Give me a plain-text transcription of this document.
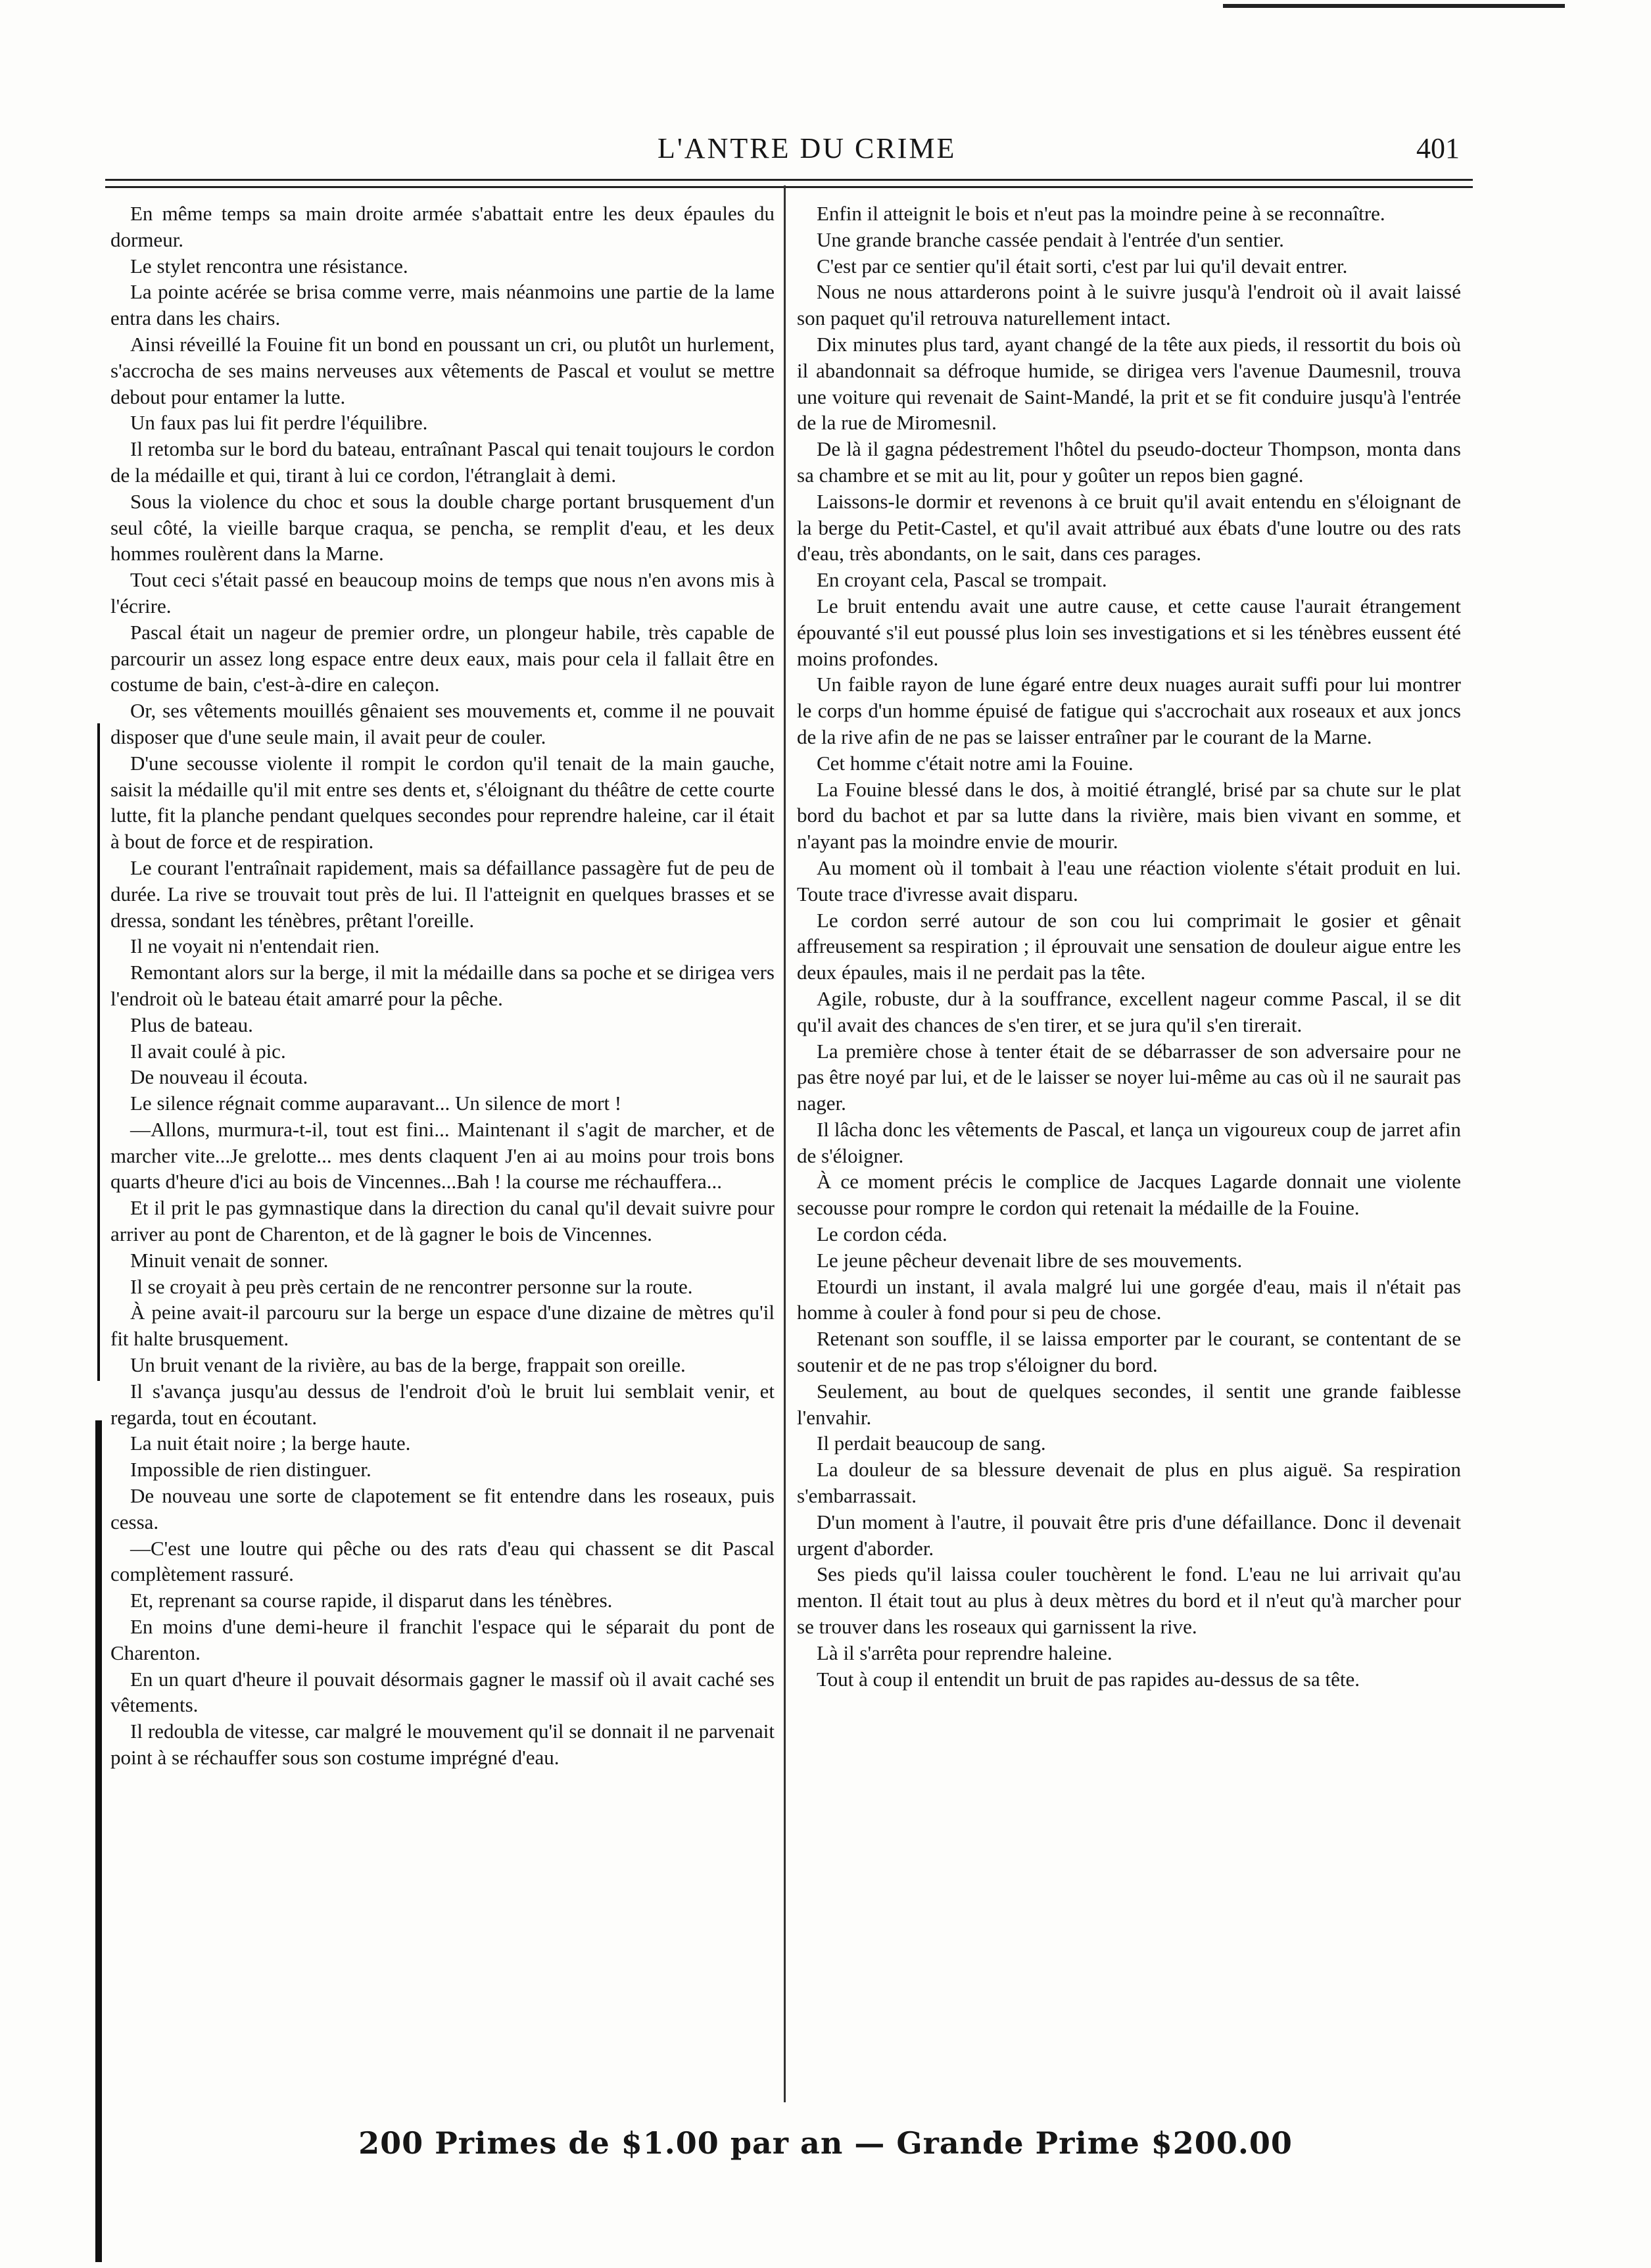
L'ANTRE DU CRIME	401

En même temps sa main droite armée s'abattait entre les deux épaules du dormeur.

Le stylet rencontra une résistance.

La pointe acérée se brisa comme verre, mais néanmoins une partie de la lame entra dans les chairs.

Ainsi réveillé la Fouine fit un bond en poussant un cri, ou plutôt un hurlement, s'accrocha de ses mains nerveuses aux vêtements de Pascal et voulut se mettre debout pour entamer la lutte.

Un faux pas lui fit perdre l'équilibre.

Il retomba sur le bord du bateau, entraînant Pascal qui tenait toujours le cordon de la médaille et qui, tirant à lui ce cordon, l'étranglait à demi.

Sous la violence du choc et sous la double charge portant brusquement d'un seul côté, la vieille barque craqua, se pencha, se remplit d'eau, et les deux hommes roulèrent dans la Marne.

Tout ceci s'était passé en beaucoup moins de temps que nous n'en avons mis à l'écrire.

Pascal était un nageur de premier ordre, un plongeur habile, très capable de parcourir un assez long espace entre deux eaux, mais pour cela il fallait être en costume de bain, c'est-à-dire en caleçon.

Or, ses vêtements mouillés gênaient ses mouvements et, comme il ne pouvait disposer que d'une seule main, il avait peur de couler.

D'une secousse violente il rompit le cordon qu'il tenait de la main gauche, saisit la médaille qu'il mit entre ses dents et, s'éloignant du théâtre de cette courte lutte, fit la planche pendant quelques secondes pour reprendre haleine, car il était à bout de force et de respiration.

Le courant l'entraînait rapidement, mais sa défaillance passagère fut de peu de durée. La rive se trouvait tout près de lui. Il l'atteignit en quelques brasses et se dressa, sondant les ténèbres, prêtant l'oreille.

Il ne voyait ni n'entendait rien.

Remontant alors sur la berge, il mit la médaille dans sa poche et se dirigea vers l'endroit où le bateau était amarré pour la pêche.

Plus de bateau.

Il avait coulé à pic.

De nouveau il écouta.

Le silence régnait comme auparavant... Un silence de mort !

—Allons, murmura-t-il, tout est fini... Maintenant il s'agit de marcher, et de marcher vite...Je grelotte... mes dents claquent J'en ai au moins pour trois bons quarts d'heure d'ici au bois de Vincennes...Bah ! la course me réchauffera...

Et il prit le pas gymnastique dans la direction du canal qu'il devait suivre pour arriver au pont de Charenton, et de là gagner le bois de Vincennes.

Minuit venait de sonner.

Il se croyait à peu près certain de ne rencontrer personne sur la route.

À peine avait-il parcouru sur la berge un espace d'une dizaine de mètres qu'il fit halte brusquement.

Un bruit venant de la rivière, au bas de la berge, frappait son oreille.

Il s'avança jusqu'au dessus de l'endroit d'où le bruit lui semblait venir, et regarda, tout en écoutant.

La nuit était noire ; la berge haute.

Impossible de rien distinguer.

De nouveau une sorte de clapotement se fit entendre dans les roseaux, puis cessa.

—C'est une loutre qui pêche ou des rats d'eau qui chassent se dit Pascal complètement rassuré.

Et, reprenant sa course rapide, il disparut dans les ténèbres.

En moins d'une demi-heure il franchit l'espace qui le séparait du pont de Charenton.

En un quart d'heure il pouvait désormais gagner le massif où il avait caché ses vêtements.

Il redoubla de vitesse, car malgré le mouvement qu'il se donnait il ne parvenait point à se réchauffer sous son costume imprégné d'eau.

Enfin il atteignit le bois et n'eut pas la moindre peine à se reconnaître.

Une grande branche cassée pendait à l'entrée d'un sentier.

C'est par ce sentier qu'il était sorti, c'est par lui qu'il devait entrer.

Nous ne nous attarderons point à le suivre jusqu'à l'endroit où il avait laissé son paquet qu'il retrouva naturellement intact.

Dix minutes plus tard, ayant changé de la tête aux pieds, il ressortit du bois où il abandonnait sa défroque humide, se dirigea vers l'avenue Daumesnil, trouva une voiture qui revenait de Saint-Mandé, la prit et se fit conduire jusqu'à l'entrée de la rue de Miromesnil.

De là il gagna pédestrement l'hôtel du pseudo-docteur Thompson, monta dans sa chambre et se mit au lit, pour y goûter un repos bien gagné.

Laissons-le dormir et revenons à ce bruit qu'il avait entendu en s'éloignant de la berge du Petit-Castel, et qu'il avait attribué aux ébats d'une loutre ou des rats d'eau, très abondants, on le sait, dans ces parages.

En croyant cela, Pascal se trompait.

Le bruit entendu avait une autre cause, et cette cause l'aurait étrangement épouvanté s'il eut poussé plus loin ses investigations et si les ténèbres eussent été moins profondes.

Un faible rayon de lune égaré entre deux nuages aurait suffi pour lui montrer le corps d'un homme épuisé de fatigue qui s'accrochait aux roseaux et aux joncs de la rive afin de ne pas se laisser entraîner par le courant de la Marne.

Cet homme c'était notre ami la Fouine.

La Fouine blessé dans le dos, à moitié étranglé, brisé par sa chute sur le plat bord du bachot et par sa lutte dans la rivière, mais bien vivant en somme, et n'ayant pas la moindre envie de mourir.

Au moment où il tombait à l'eau une réaction violente s'était produit en lui. Toute trace d'ivresse avait disparu.

Le cordon serré autour de son cou lui comprimait le gosier et gênait affreusement sa respiration ; il éprouvait une sensation de douleur aigue entre les deux épaules, mais il ne perdait pas la tête.

Agile, robuste, dur à la souffrance, excellent nageur comme Pascal, il se dit qu'il avait des chances de s'en tirer, et se jura qu'il s'en tirerait.

La première chose à tenter était de se débarrasser de son adversaire pour ne pas être noyé par lui, et de le laisser se noyer lui-même au cas où il ne saurait pas nager.

Il lâcha donc les vêtements de Pascal, et lança un vigoureux coup de jarret afin de s'éloigner.

À ce moment précis le complice de Jacques Lagarde donnait une violente secousse pour rompre le cordon qui retenait la médaille de la Fouine.

Le cordon céda.

Le jeune pêcheur devenait libre de ses mouvements.

Etourdi un instant, il avala malgré lui une gorgée d'eau, mais il n'était pas homme à couler à fond pour si peu de chose.

Retenant son souffle, il se laissa emporter par le courant, se contentant de se soutenir et de ne pas trop s'éloigner du bord.

Seulement, au bout de quelques secondes, il sentit une grande faiblesse l'envahir.

Il perdait beaucoup de sang.

La douleur de sa blessure devenait de plus en plus aiguë. Sa respiration s'embarrassait.

D'un moment à l'autre, il pouvait être pris d'une défaillance. Donc il devenait urgent d'aborder.

Ses pieds qu'il laissa couler touchèrent le fond. L'eau ne lui arrivait qu'au menton. Il était tout au plus à deux mètres du bord et il n'eut qu'à marcher pour se trouver dans les roseaux qui garnissent la rive.

Là il s'arrêta pour reprendre haleine.

Tout à coup il entendit un bruit de pas rapides au-dessus de sa tête.

200 Primes de $1.00 par an — Grande Prime $200.00
